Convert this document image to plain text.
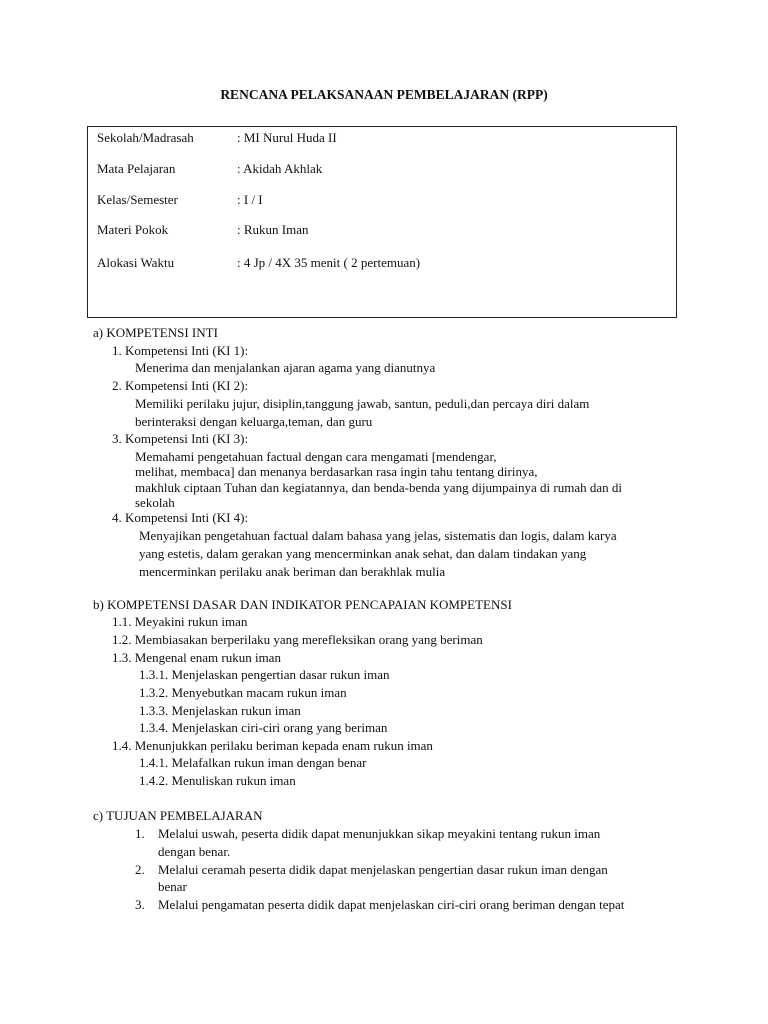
RENCANA PELAKSANAAN PEMBELAJARAN (RPP)
Sekolah/Madrasah	: MI Nurul Huda II
Mata Pelajaran	: Akidah Akhlak
Kelas/Semester	: I / I
Materi Pokok	: Rukun Iman
Alokasi Waktu	: 4 Jp / 4X 35 menit ( 2 pertemuan)
a) KOMPETENSI INTI
1. Kompetensi Inti (KI 1):
Menerima dan menjalankan ajaran agama yang dianutnya
2. Kompetensi Inti (KI 2):
Memiliki perilaku jujur, disiplin,tanggung jawab, santun, peduli,dan percaya diri dalam
berinteraksi dengan keluarga,teman, dan guru
3. Kompetensi Inti (KI 3):
Memahami pengetahuan factual dengan cara mengamati [mendengar,
melihat, membaca] dan menanya berdasarkan rasa ingin tahu tentang dirinya,
makhluk ciptaan Tuhan dan kegiatannya, dan benda-benda yang dijumpainya di rumah dan di
sekolah
4. Kompetensi Inti (KI 4):
Menyajikan pengetahuan factual dalam bahasa yang jelas, sistematis dan logis, dalam karya
yang estetis, dalam gerakan yang mencerminkan anak sehat, dan dalam tindakan yang
mencerminkan perilaku anak beriman dan berakhlak mulia
b) KOMPETENSI DASAR DAN INDIKATOR PENCAPAIAN KOMPETENSI
1.1. Meyakini rukun iman
1.2. Membiasakan berperilaku yang merefleksikan orang yang beriman
1.3. Mengenal enam rukun iman
1.3.1. Menjelaskan pengertian dasar rukun iman
1.3.2. Menyebutkan macam rukun iman
1.3.3. Menjelaskan rukun iman
1.3.4. Menjelaskan ciri-ciri orang yang beriman
1.4. Menunjukkan perilaku beriman kepada enam rukun iman
1.4.1. Melafalkan rukun iman dengan benar
1.4.2. Menuliskan rukun iman
c) TUJUAN PEMBELAJARAN
1. Melalui uswah, peserta didik dapat menunjukkan sikap meyakini tentang rukun iman
dengan benar.
2. Melalui ceramah peserta didik dapat menjelaskan pengertian dasar rukun iman dengan
benar
3. Melalui pengamatan peserta didik dapat menjelaskan ciri-ciri orang beriman dengan tepat
